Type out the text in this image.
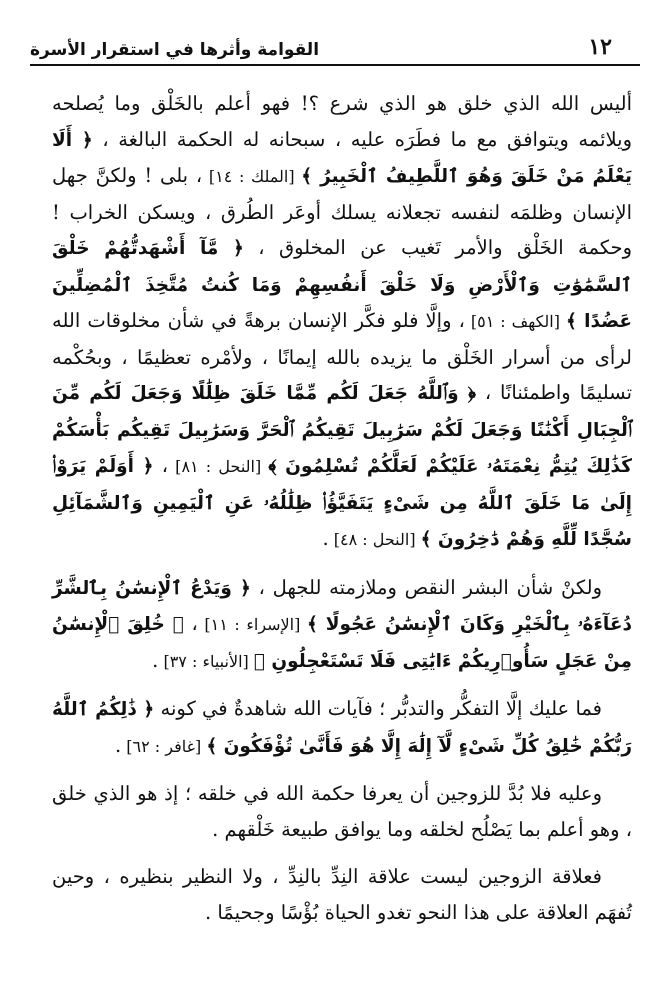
١٢
القوامة وأثرها في استقرار الأسرة

أليس الله الذي خلق هو الذي شرع ؟! فهو أعلم بالخَلْق وما يُصلحه ويلائمه ويتوافق مع ما فطَرَه عليه ، سبحانه له الحكمة البالغة ، ﴿ أَلَا يَعْلَمُ مَنْ خَلَقَ وَهُوَ ٱللَّطِيفُ ٱلْخَبِيرُ ﴾ [الملك : ١٤] ، بلى ! ولكنَّ جهل الإنسان وظلمَه لنفسه تجعلانه يسلك أوعَر الطُرق ، ويسكن الخراب ! وحكمة الخَلْق والأمر تَغيب عن المخلوق ، ﴿ مَّآ أَشْهَدتُّهُمْ خَلْقَ ٱلسَّمَٰوَٰتِ وَٱلْأَرْضِ وَلَا خَلْقَ أَنفُسِهِمْ وَمَا كُنتُ مُتَّخِذَ ٱلْمُضِلِّينَ عَضُدًا ﴾ [الكهف : ٥١] ، وإلَّا فلو فكَّر الإنسان برهةً في شأن مخلوقات الله لرأى من أسرار الخَلْق ما يزيده بالله إيمانًا ، ولأمْره تعظيمًا ، وبحُكْمه تسليمًا واطمئنانًا ، ﴿ وَٱللَّهُ جَعَلَ لَكُم مِّمَّا خَلَقَ ظِلَٰلًا وَجَعَلَ لَكُم مِّنَ ٱلْجِبَالِ أَكْنَٰنًا وَجَعَلَ لَكُمْ سَرَٰبِيلَ تَقِيكُمُ ٱلْحَرَّ وَسَرَٰبِيلَ تَقِيكُم بَأْسَكُمْ كَذَٰلِكَ يُتِمُّ نِعْمَتَهُۥ عَلَيْكُمْ لَعَلَّكُمْ تُسْلِمُونَ ﴾ [النحل : ٨١] ، ﴿ أَوَلَمْ يَرَوْا۟ إِلَىٰ مَا خَلَقَ ٱللَّهُ مِن شَىْءٍ يَتَفَيَّؤُا۟ ظِلَٰلُهُۥ عَنِ ٱلْيَمِينِ وَٱلشَّمَآئِلِ سُجَّدًا لِّلَّهِ وَهُمْ دَٰخِرُونَ ﴾ [النحل : ٤٨] .

ولكنْ شأن البشر النقص وملازمته للجهل ، ﴿ وَيَدْعُ ٱلْإِنسَٰنُ بِٱلشَّرِّ دُعَآءَهُۥ بِٱلْخَيْرِ وَكَانَ ٱلْإِنسَٰنُ عَجُولًا ﴾ [الإسراء : ١١] ، ﴿ خُلِقَ ٱلْإِنسَٰنُ مِنْ عَجَلٍ سَأُو۟رِيكُمْ ءَايَٰتِى فَلَا تَسْتَعْجِلُونِ ﴾ [الأنبياء : ٣٧] .

فما عليك إلَّا التفكُّر والتدبُّر ؛ فآيات الله شاهدةٌ في كونه ﴿ ذَٰلِكُمُ ٱللَّهُ رَبُّكُمْ خَٰلِقُ كُلِّ شَىْءٍ لَّآ إِلَٰهَ إِلَّا هُوَ فَأَنَّىٰ تُؤْفَكُونَ ﴾ [غافر : ٦٢] .

وعليه فلا بُدَّ للزوجين أن يعرفا حكمة الله في خلقه ؛ إذ هو الذي خلق ، وهو أعلم بما يَصْلُح لخلقه وما يوافق طبيعة خَلْقهم .

فعلاقة الزوجين ليست علاقة النِدِّ بالنِدِّ ، ولا النظير بنظيره ، وحين تُفهَم العلاقة على هذا النحو تغدو الحياة بُؤْسًا وجحيمًا .
